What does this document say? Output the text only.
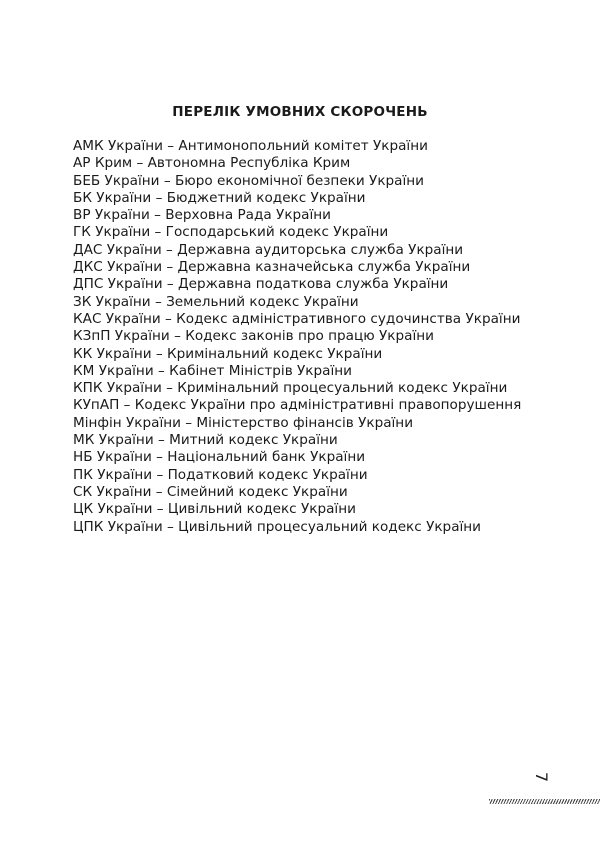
ПЕРЕЛІК УМОВНИХ СКОРОЧЕНЬ
АМК України – Антимонопольний комітет України
АР Крим – Автономна Республіка Крим
БЕБ України – Бюро економічної безпеки України
БК України – Бюджетний кодекс України
ВР України – Верховна Рада України
ГК України – Господарський кодекс України
ДАС України – Державна аудиторська служба України
ДКС України – Державна казначейська служба України
ДПС України – Державна податкова служба України
ЗК України – Земельний кодекс України
КАС України – Кодекс адміністративного судочинства України
КЗпП України – Кодекс законів про працю України
КК України – Кримінальний кодекс України
КМ України – Кабінет Міністрів України
КПК України – Кримінальний процесуальний кодекс України
КУпАП – Кодекс України про адміністративні правопорушення
Мінфін України – Міністерство фінансів України
МК України – Митний кодекс України
НБ України – Національний банк України
ПК України – Податковий кодекс України
СК України – Сімейний кодекс України
ЦК України – Цивільний кодекс України
ЦПК України – Цивільний процесуальний кодекс України
7
